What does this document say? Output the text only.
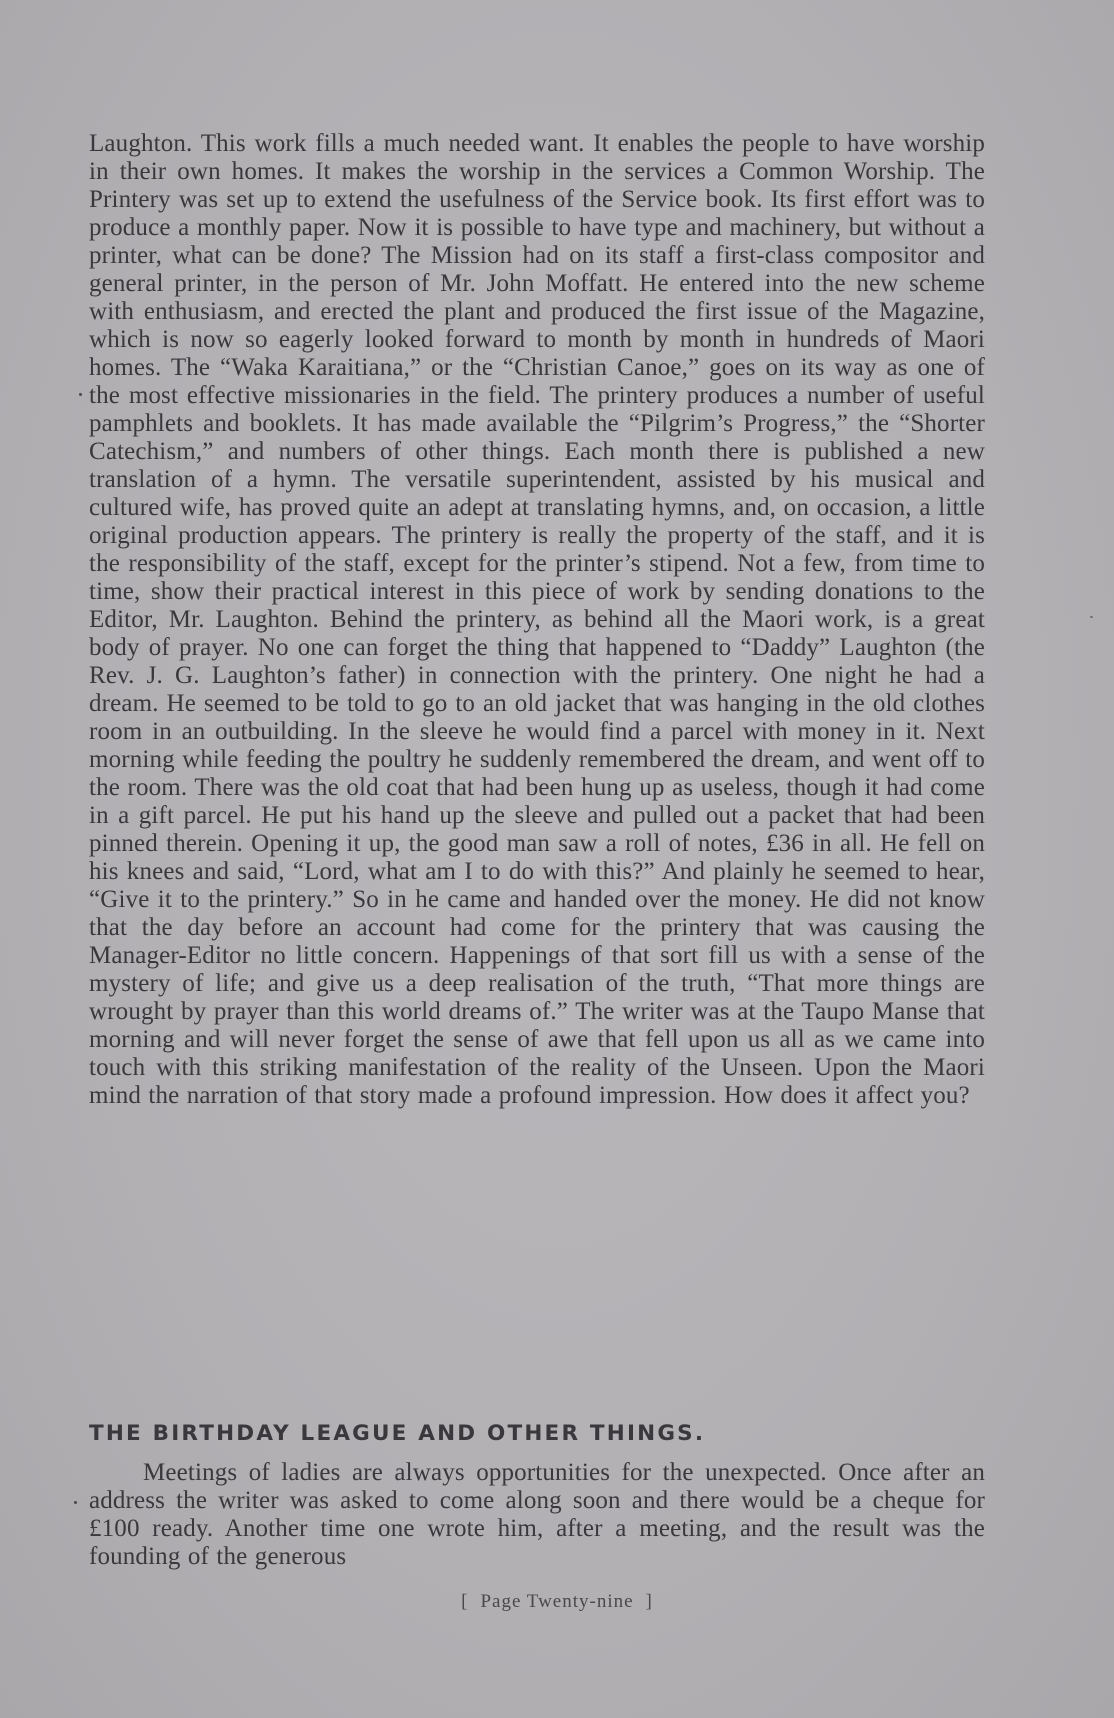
Laughton. This work fills a much needed want. It enables the people to have worship in their own homes. It makes the worship in the services a Common Worship. The Printery was set up to extend the usefulness of the Service book. Its first effort was to produce a monthly paper. Now it is possible to have type and machinery, but without a printer, what can be done? The Mission had on its staff a first-class compositor and general printer, in the person of Mr. John Moffatt. He entered into the new scheme with enthusiasm, and erected the plant and produced the first issue of the Magazine, which is now so eagerly looked forward to month by month in hundreds of Maori homes. The “Waka Karaitiana,” or the “Christian Canoe,” goes on its way as one of the most effective missionaries in the field. The printery produces a number of useful pamphlets and booklets. It has made available the “Pilgrim’s Progress,” the “Shorter Catechism,” and numbers of other things. Each month there is published a new translation of a hymn. The versatile superintendent, assisted by his musical and cultured wife, has proved quite an adept at translating hymns, and, on occasion, a little original production appears. The printery is really the property of the staff, and it is the responsibility of the staff, except for the printer’s stipend. Not a few, from time to time, show their practical interest in this piece of work by sending donations to the Editor, Mr. Laughton. Behind the printery, as behind all the Maori work, is a great body of prayer. No one can forget the thing that happened to “Daddy” Laughton (the Rev. J. G. Laughton’s father) in connection with the printery. One night he had a dream. He seemed to be told to go to an old jacket that was hanging in the old clothes room in an outbuilding. In the sleeve he would find a parcel with money in it. Next morning while feeding the poultry he suddenly remembered the dream, and went off to the room. There was the old coat that had been hung up as useless, though it had come in a gift parcel. He put his hand up the sleeve and pulled out a packet that had been pinned therein. Opening it up, the good man saw a roll of notes, £36 in all. He fell on his knees and said, “Lord, what am I to do with this?” And plainly he seemed to hear, “Give it to the printery.” So in he came and handed over the money. He did not know that the day before an account had come for the printery that was causing the Manager-Editor no little concern. Happenings of that sort fill us with a sense of the mystery of life; and give us a deep realisation of the truth, “That more things are wrought by prayer than this world dreams of.” The writer was at the Taupo Manse that morning and will never forget the sense of awe that fell upon us all as we came into touch with this striking manifestation of the reality of the Unseen. Upon the Maori mind the narration of that story made a profound impression. How does it affect you?

THE BIRTHDAY LEAGUE AND OTHER THINGS.

Meetings of ladies are always opportunities for the unexpected. Once after an address the writer was asked to come along soon and there would be a cheque for £100 ready. Another time one wrote him, after a meeting, and the result was the founding of the generous

[ Page Twenty-nine ]
